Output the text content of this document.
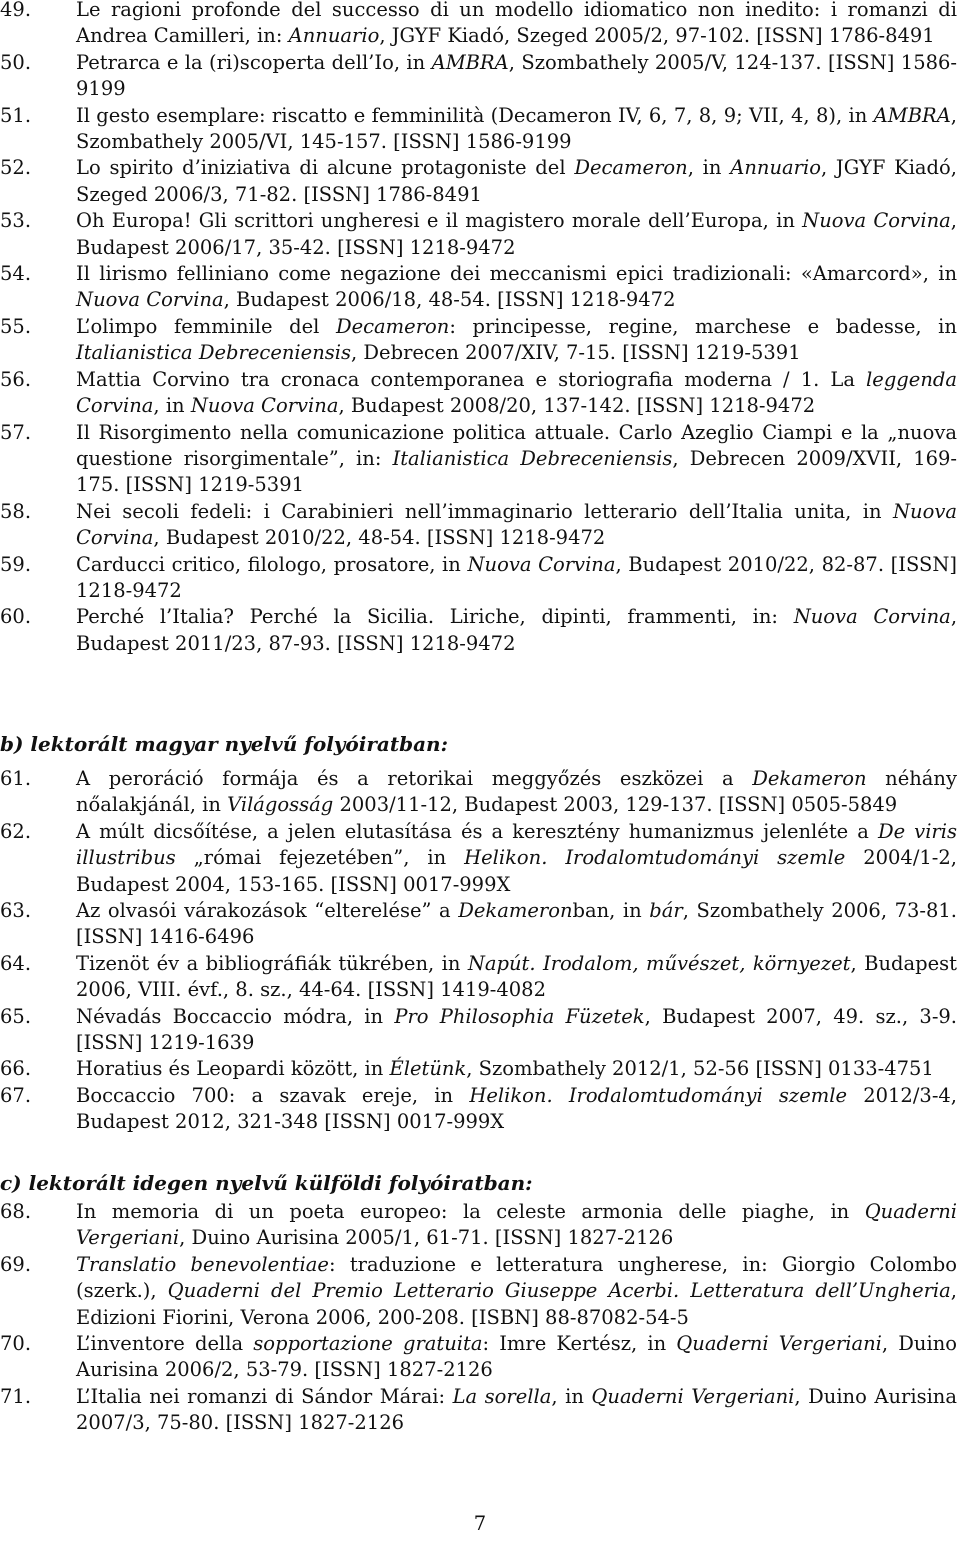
49. Le ragioni profonde del successo di un modello idiomatico non inedito: i romanzi di Andrea Camilleri, in: Annuario, JGYF Kiadó, Szeged 2005/2, 97-102. [ISSN] 1786-8491
50. Petrarca e la (ri)scoperta dell’Io, in AMBRA, Szombathely 2005/V, 124-137. [ISSN] 1586-9199
51. Il gesto esemplare: riscatto e femminilità (Decameron IV, 6, 7, 8, 9; VII, 4, 8), in AMBRA, Szombathely 2005/VI, 145-157. [ISSN] 1586-9199
52. Lo spirito d’iniziativa di alcune protagoniste del Decameron, in Annuario, JGYF Kiadó, Szeged 2006/3, 71-82. [ISSN] 1786-8491
53. Oh Europa! Gli scrittori ungheresi e il magistero morale dell’Europa, in Nuova Corvina, Budapest 2006/17, 35-42. [ISSN] 1218-9472
54. Il lirismo felliniano come negazione dei meccanismi epici tradizionali: «Amarcord», in Nuova Corvina, Budapest 2006/18, 48-54. [ISSN] 1218-9472
55. L’olimpo femminile del Decameron: principesse, regine, marchese e badesse, in Italianistica Debreceniensis, Debrecen 2007/XIV, 7-15. [ISSN] 1219-5391
56. Mattia Corvino tra cronaca contemporanea e storiografia moderna / 1. La leggenda Corvina, in Nuova Corvina, Budapest 2008/20, 137-142. [ISSN] 1218-9472
57. Il Risorgimento nella comunicazione politica attuale. Carlo Azeglio Ciampi e la „nuova questione risorgimentale”, in: Italianistica Debreceniensis, Debrecen 2009/XVII, 169-175. [ISSN] 1219-5391
58. Nei secoli fedeli: i Carabinieri nell’immaginario letterario dell’Italia unita, in Nuova Corvina, Budapest 2010/22, 48-54. [ISSN] 1218-9472
59. Carducci critico, filologo, prosatore, in Nuova Corvina, Budapest 2010/22, 82-87. [ISSN] 1218-9472
60. Perché l’Italia? Perché la Sicilia. Liriche, dipinti, frammenti, in: Nuova Corvina, Budapest 2011/23, 87-93. [ISSN] 1218-9472
b) lektorált magyar nyelvű folyóiratban:
61. A peroráció formája és a retorikai meggyőzés eszközei a Dekameron néhány nőalakjánál, in Világosság 2003/11-12, Budapest 2003, 129-137. [ISSN] 0505-5849
62. A múlt dicsőítése, a jelen elutasítása és a keresztény humanizmus jelenléte a De viris illustribus „római fejezetében”, in Helikon. Irodalomtudományi szemle 2004/1-2, Budapest 2004, 153-165. [ISSN] 0017-999X
63. Az olvasói várakozások “elterelése” a Dekameronban, in bár, Szombathely 2006, 73-81. [ISSN] 1416-6496
64. Tizenöt év a bibliográfiák tükrében, in Napút. Irodalom, művészet, környezet, Budapest 2006, VIII. évf., 8. sz., 44-64. [ISSN] 1419-4082
65. Névadás Boccaccio módra, in Pro Philosophia Füzetek, Budapest 2007, 49. sz., 3-9. [ISSN] 1219-1639
66. Horatius és Leopardi között, in Életünk, Szombathely 2012/1, 52-56 [ISSN] 0133-4751
67. Boccaccio 700: a szavak ereje, in Helikon. Irodalomtudományi szemle 2012/3-4, Budapest 2012, 321-348 [ISSN] 0017-999X
c) lektorált idegen nyelvű külföldi folyóiratban:
68. In memoria di un poeta europeo: la celeste armonia delle piaghe, in Quaderni Vergeriani, Duino Aurisina 2005/1, 61-71. [ISSN] 1827-2126
69. Translatio benevolentiae: traduzione e letteratura ungherese, in: Giorgio Colombo (szerk.), Quaderni del Premio Letterario Giuseppe Acerbi. Letteratura dell’Ungheria, Edizioni Fiorini, Verona 2006, 200-208. [ISBN] 88-87082-54-5
70. L’inventore della sopportazione gratuita: Imre Kertész, in Quaderni Vergeriani, Duino Aurisina 2006/2, 53-79. [ISSN] 1827-2126
71. L’Italia nei romanzi di Sándor Márai: La sorella, in Quaderni Vergeriani, Duino Aurisina 2007/3, 75-80. [ISSN] 1827-2126
7
